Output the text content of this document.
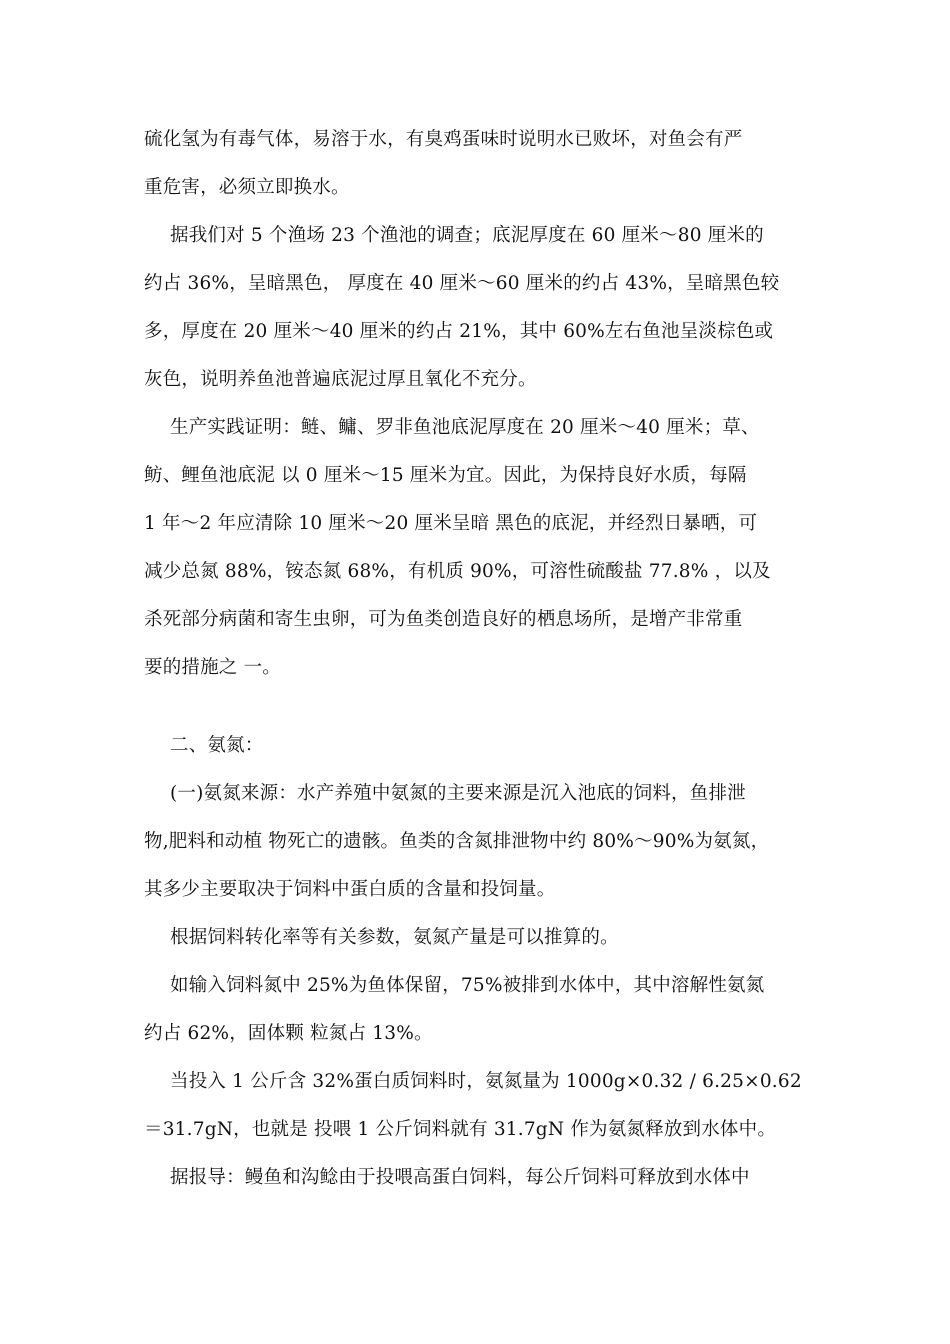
硫化氢为有毒气体，易溶于水，有臭鸡蛋味时说明水已败坏，对鱼会有严
重危害，必须立即换水。
据我们对 5 个渔场 23 个渔池的调查；底泥厚度在 60 厘米～80 厘米的
约占 36%，呈暗黑色， 厚度在 40 厘米～60 厘米的约占 43%，呈暗黑色较
多，厚度在 20 厘米～40 厘米的约占 21%，其中 60%左右鱼池呈淡棕色或
灰色，说明养鱼池普遍底泥过厚且氧化不充分。
生产实践证明：鲢、鳙、罗非鱼池底泥厚度在 20 厘米～40 厘米；草、
鲂、鲤鱼池底泥 以 0 厘米～15 厘米为宜。因此，为保持良好水质，每隔
1 年～2 年应清除 10 厘米～20 厘米呈暗 黑色的底泥，并经烈日暴晒，可
减少总氮 88%，铵态氮 68%，有机质 90%，可溶性硫酸盐 77.8% ，以及
杀死部分病菌和寄生虫卵，可为鱼类创造良好的栖息场所，是增产非常重
要的措施之 一。
二、氨氮：
(一)氨氮来源：水产养殖中氨氮的主要来源是沉入池底的饲料，鱼排泄
物,肥料和动植 物死亡的遗骸。鱼类的含氮排泄物中约 80%～90%为氨氮，
其多少主要取决于饲料中蛋白质的含量和投饲量。
根据饲料转化率等有关参数，氨氮产量是可以推算的。
如输入饲料氮中 25%为鱼体保留，75%被排到水体中，其中溶解性氨氮
约占 62%，固体颗 粒氮占 13%。
当投入 1 公斤含 32%蛋白质饲料时，氨氮量为 1000g×0.32 / 6.25×0.62
＝31.7gN，也就是 投喂 1 公斤饲料就有 31.7gN 作为氨氮释放到水体中。
据报导：鳗鱼和沟鲶由于投喂高蛋白饲料，每公斤饲料可释放到水体中
